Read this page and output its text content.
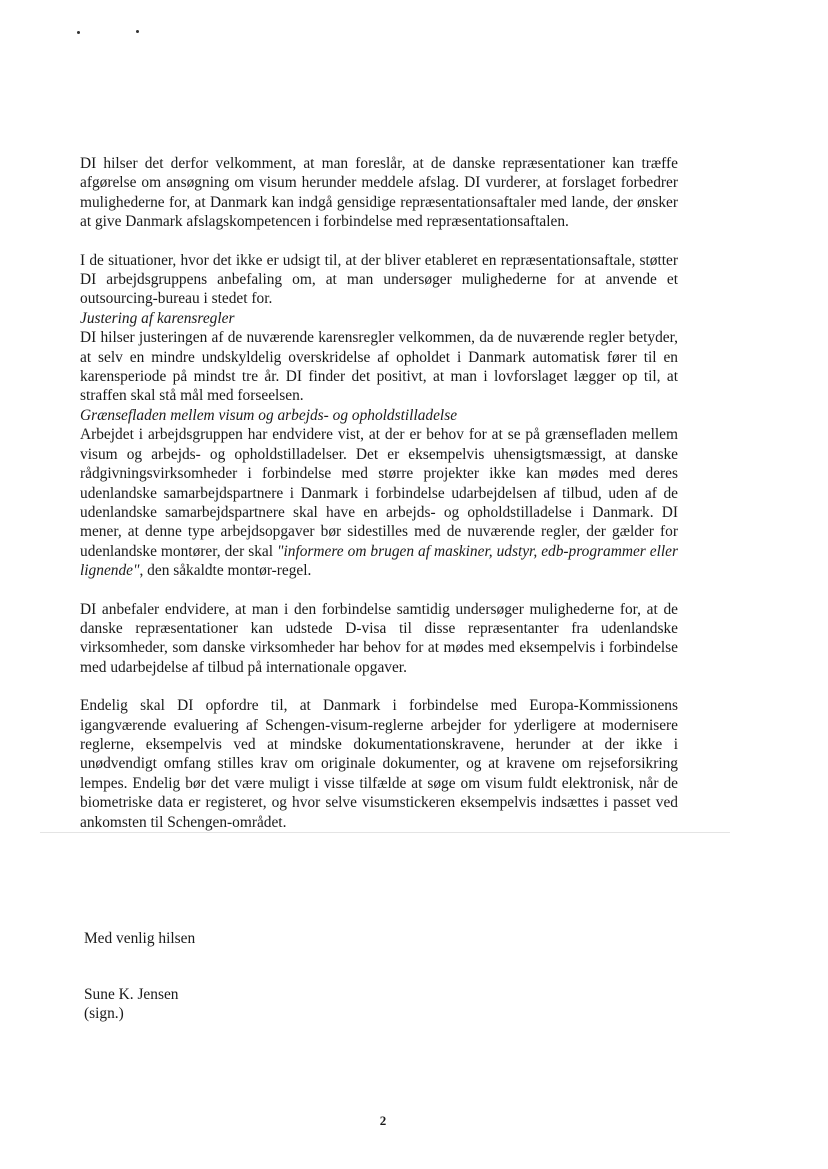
DI hilser det derfor velkomment, at man foreslår, at de danske repræsentationer kan træffe afgørelse om ansøgning om visum herunder meddele afslag. DI vurderer, at forslaget forbedrer mulighederne for, at Danmark kan indgå gensidige repræsentationsaftaler med lande, der ønsker at give Danmark afslagskompetencen i forbindelse med repræsentationsaftalen.

I de situationer, hvor det ikke er udsigt til, at der bliver etableret en repræsentationsaftale, støtter DI arbejdsgruppens anbefaling om, at man undersøger mulighederne for at anvende et outsourcing-bureau i stedet for.

Justering af karensregler

DI hilser justeringen af de nuværende karensregler velkommen, da de nuværende regler betyder, at selv en mindre undskyldelig overskridelse af opholdet i Danmark automatisk fører til en karensperiode på mindst tre år. DI finder det positivt, at man i lovforslaget lægger op til, at straffen skal stå mål med forseelsen.

Grænsefladen mellem visum og arbejds- og opholdstilladelse

Arbejdet i arbejdsgruppen har endvidere vist, at der er behov for at se på grænsefladen mellem visum og arbejds- og opholdstilladelser. Det er eksempelvis uhensigtsmæssigt, at danske rådgivningsvirksomheder i forbindelse med større projekter ikke kan mødes med deres udenlandske samarbejdspartnere i Danmark i forbindelse udarbejdelsen af tilbud, uden af de udenlandske samarbejdspartnere skal have en arbejds- og opholdstilladelse i Danmark. DI mener, at denne type arbejdsopgaver bør sidestilles med de nuværende regler, der gælder for udenlandske montører, der skal "informere om brugen af maskiner, udstyr, edb-programmer eller lignende", den såkaldte montør-regel.

DI anbefaler endvidere, at man i den forbindelse samtidig undersøger mulighederne for, at de danske repræsentationer kan udstede D-visa til disse repræsentanter fra udenlandske virksomheder, som danske virksomheder har behov for at mødes med eksempelvis i forbindelse med udarbejdelse af tilbud på internationale opgaver.

Endelig skal DI opfordre til, at Danmark i forbindelse med Europa-Kommissionens igangværende evaluering af Schengen-visum-reglerne arbejder for yderligere at modernisere reglerne, eksempelvis ved at mindske dokumentationskravene, herunder at der ikke i unødvendigt omfang stilles krav om originale dokumenter, og at kravene om rejseforsikring lempes. Endelig bør det være muligt i visse tilfælde at søge om visum fuldt elektronisk, når de biometriske data er registeret, og hvor selve visumstickeren eksempelvis indsættes i passet ved ankomsten til Schengen-området.

Med venlig hilsen
Sune K. Jensen
(sign.)
2
